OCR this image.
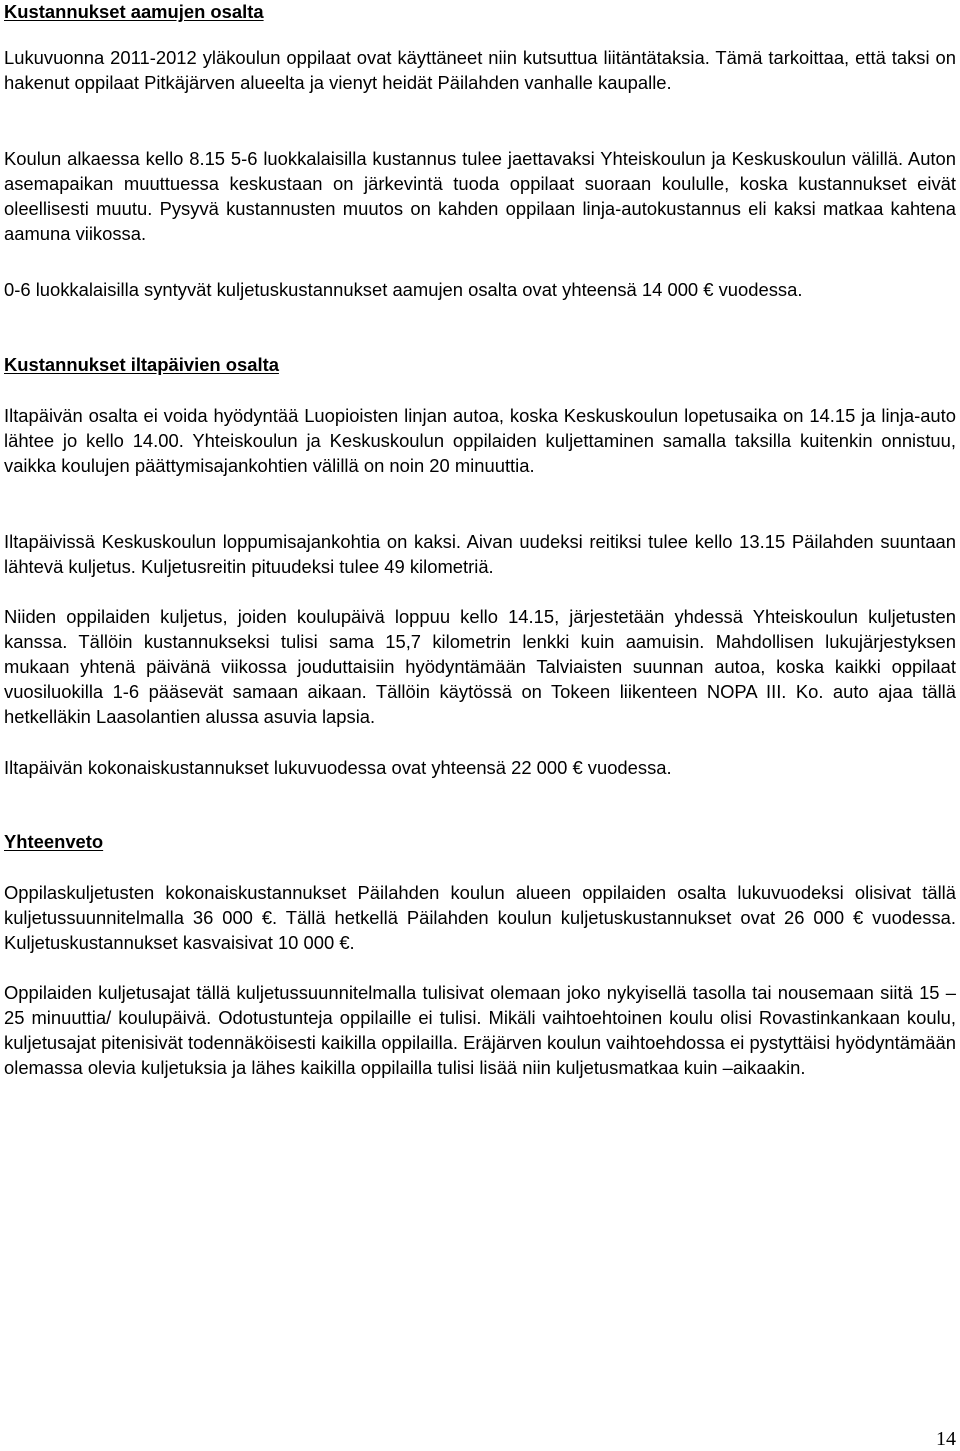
Kustannukset aamujen osalta

Lukuvuonna 2011-2012 yläkoulun oppilaat ovat käyttäneet niin kutsuttua liitäntätaksia. Tämä tarkoittaa, että taksi on hakenut oppilaat Pitkäjärven alueelta ja vienyt heidät Päilahden vanhalle kaupalle.

Koulun alkaessa kello 8.15 5-6 luokkalaisilla kustannus tulee jaettavaksi Yhteiskoulun ja Keskuskoulun välillä. Auton asemapaikan muuttuessa keskustaan on järkevintä tuoda oppilaat suoraan koululle, koska kustannukset eivät oleellisesti muutu. Pysyvä kustannusten muutos on kahden oppilaan linja-autokustannus eli kaksi matkaa kahtena aamuna viikossa.

0-6 luokkalaisilla syntyvät kuljetuskustannukset aamujen osalta ovat yhteensä 14 000 € vuodessa.

Kustannukset iltapäivien osalta

Iltapäivän osalta ei voida hyödyntää Luopioisten linjan autoa, koska Keskuskoulun lopetusaika on 14.15 ja linja-auto lähtee jo kello 14.00. Yhteiskoulun ja Keskuskoulun oppilaiden kuljettaminen samalla taksilla kuitenkin onnistuu, vaikka koulujen päättymisajankohtien välillä on noin 20 minuuttia.

Iltapäivissä Keskuskoulun loppumisajankohtia on kaksi. Aivan uudeksi reitiksi tulee kello 13.15 Päilahden suuntaan lähtevä kuljetus. Kuljetusreitin pituudeksi tulee 49 kilometriä.

Niiden oppilaiden kuljetus, joiden koulupäivä loppuu kello 14.15, järjestetään yhdessä Yhteiskoulun kuljetusten kanssa. Tällöin kustannukseksi tulisi sama 15,7 kilometrin lenkki kuin aamuisin. Mahdollisen lukujärjestyksen mukaan yhtenä päivänä viikossa jouduttaisiin hyödyntämään Talviaisten suunnan autoa, koska kaikki oppilaat vuosiluokilla 1-6 pääsevät samaan aikaan. Tällöin käytössä on Tokeen liikenteen NOPA III. Ko. auto ajaa tällä hetkelläkin Laasolantien alussa asuvia lapsia.

Iltapäivän kokonaiskustannukset lukuvuodessa ovat yhteensä 22 000 € vuodessa.

Yhteenveto

Oppilaskuljetusten kokonaiskustannukset Päilahden koulun alueen oppilaiden osalta lukuvuodeksi olisivat tällä kuljetussuunnitelmalla 36 000 €. Tällä hetkellä Päilahden koulun kuljetuskustannukset ovat 26 000 € vuodessa. Kuljetuskustannukset kasvaisivat 10 000 €.

Oppilaiden kuljetusajat tällä kuljetussuunnitelmalla tulisivat olemaan joko nykyisellä tasolla tai nousemaan siitä 15 – 25 minuuttia/ koulupäivä. Odotustunteja oppilaille ei tulisi. Mikäli vaihtoehtoinen koulu olisi Rovastinkankaan koulu, kuljetusajat pitenisivät todennäköisesti kaikilla oppilailla. Eräjärven koulun vaihtoehdossa ei pystyttäisi hyödyntämään olemassa olevia kuljetuksia ja lähes kaikilla oppilailla tulisi lisää niin kuljetusmatkaa kuin –aikaakin.

14
